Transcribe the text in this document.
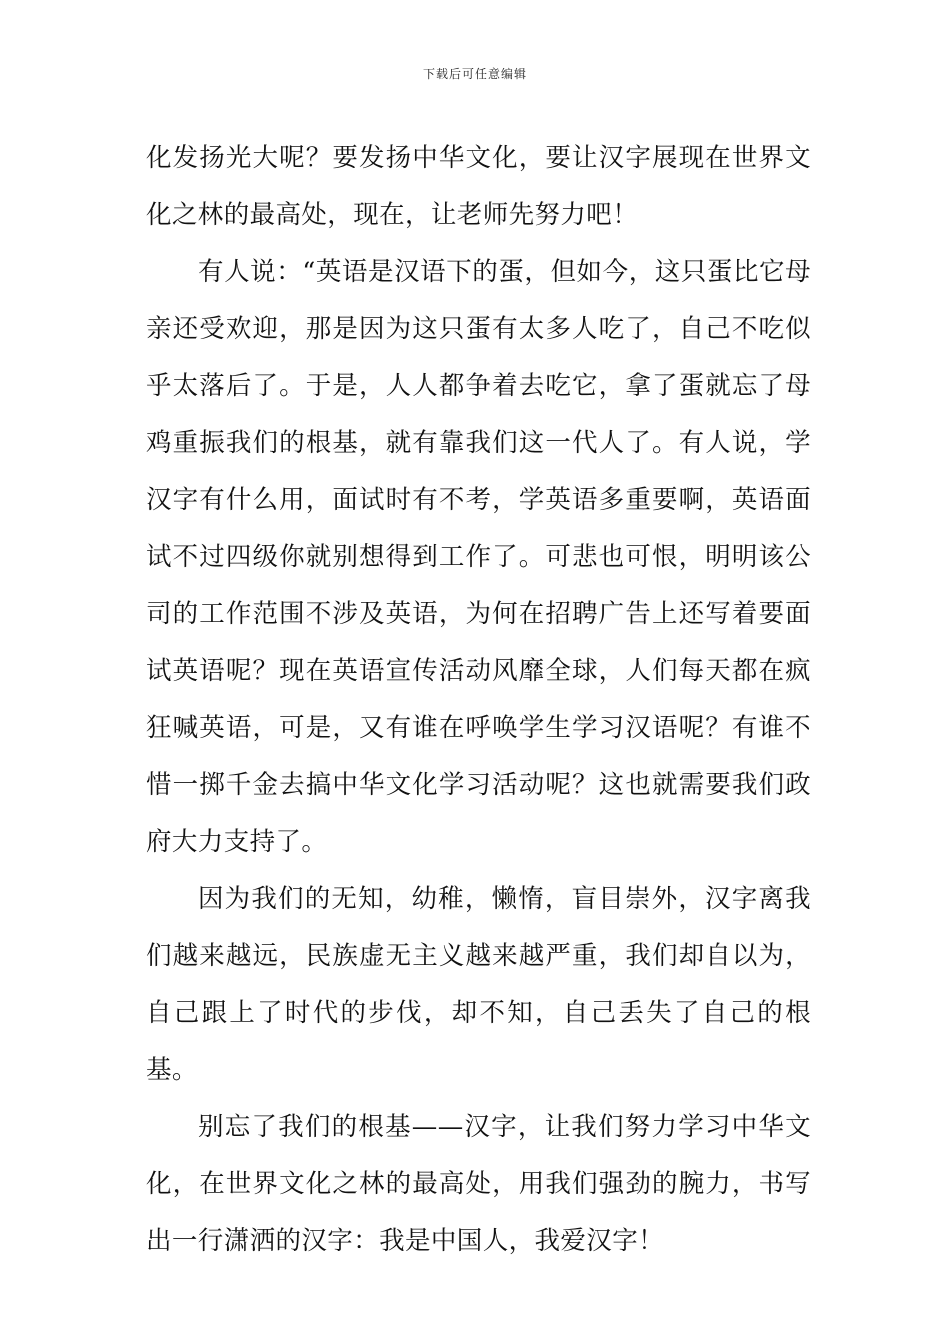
下载后可任意编辑

化发扬光大呢？要发扬中华文化，要让汉字展现在世界文化之林的最高处，现在，让老师先努力吧！

有人说：“英语是汉语下的蛋，但如今，这只蛋比它母亲还受欢迎，那是因为这只蛋有太多人吃了，自己不吃似乎太落后了。于是，人人都争着去吃它，拿了蛋就忘了母鸡重振我们的根基，就有靠我们这一代人了。有人说，学汉字有什么用，面试时有不考，学英语多重要啊，英语面试不过四级你就别想得到工作了。可悲也可恨，明明该公司的工作范围不涉及英语，为何在招聘广告上还写着要面试英语呢？现在英语宣传活动风靡全球，人们每天都在疯狂喊英语，可是，又有谁在呼唤学生学习汉语呢？有谁不惜一掷千金去搞中华文化学习活动呢？这也就需要我们政府大力支持了。

因为我们的无知，幼稚，懒惰，盲目崇外，汉字离我们越来越远，民族虚无主义越来越严重，我们却自以为，自己跟上了时代的步伐，却不知，自己丢失了自己的根基。

别忘了我们的根基——汉字，让我们努力学习中华文化，在世界文化之林的最高处，用我们强劲的腕力，书写出一行潇洒的汉字：我是中国人，我爱汉字！
